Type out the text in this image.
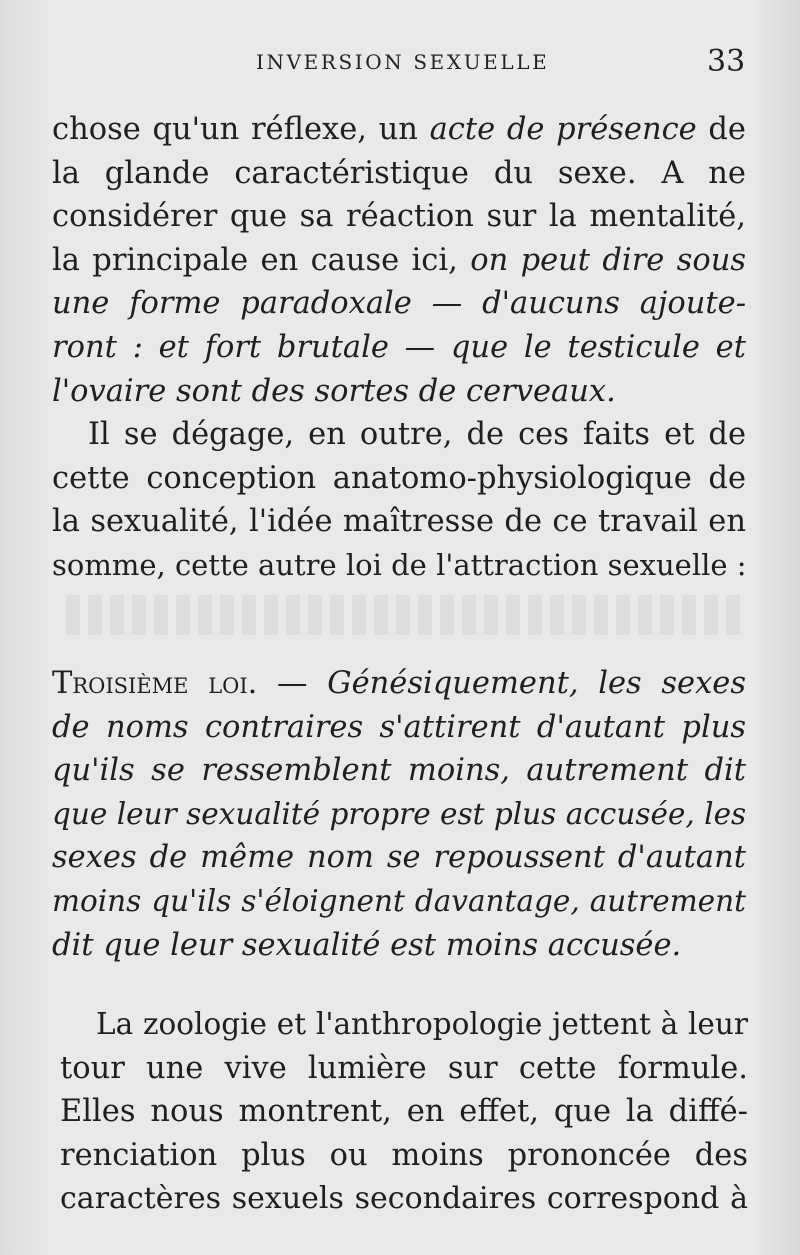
INVERSION SEXUELLE	33
chose qu'un réflexe, un acte de présence de
la glande caractéristique du sexe. A ne
considérer que sa réaction sur la mentalité,
la principale en cause ici, on peut dire sous
une forme paradoxale — d'aucuns ajoute-
ront : et fort brutale — que le testicule et
l'ovaire sont des sortes de cerveaux.
Il se dégage, en outre, de ces faits et de
cette conception anatomo-physiologique de
la sexualité, l'idée maîtresse de ce travail en
somme, cette autre loi de l'attraction sexuelle :
Troisième loi. — Génésiquement, les sexes
de noms contraires s'attirent d'autant plus
qu'ils se ressemblent moins, autrement dit
que leur sexualité propre est plus accusée, les
sexes de même nom se repoussent d'autant
moins qu'ils s'éloignent davantage, autrement
dit que leur sexualité est moins accusée.
La zoologie et l'anthropologie jettent à leur
tour une vive lumière sur cette formule.
Elles nous montrent, en effet, que la diffé-
renciation plus ou moins prononcée des
caractères sexuels secondaires correspond à
